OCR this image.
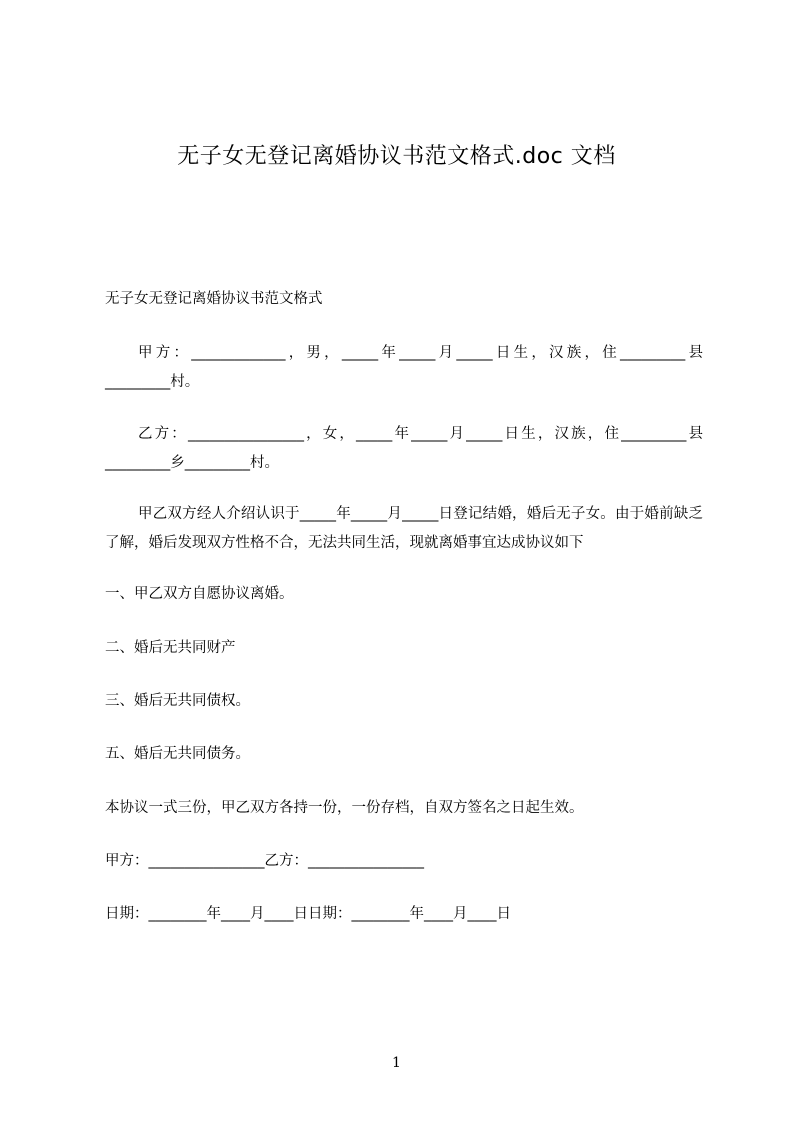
无子女无登记离婚协议书范文格式.doc 文档
无子女无登记离婚协议书范文格式
甲方：_____________，男，_____年_____月_____日生，汉族，住_________县_________村。
乙方：________________，女，_____年_____月_____日生，汉族，住_________县_________乡_________村。
甲乙双方经人介绍认识于_____年_____月_____日登记结婚，婚后无子女。由于婚前缺乏了解，婚后发现双方性格不合，无法共同生活，现就离婚事宜达成协议如下
一、甲乙双方自愿协议离婚。
二、婚后无共同财产
三、婚后无共同债权。
五、婚后无共同债务。
本协议一式三份，甲乙双方各持一份，一份存档，自双方签名之日起生效。
甲方：________________乙方：________________
日期：________年____月____日日期：________年____月____日
1
